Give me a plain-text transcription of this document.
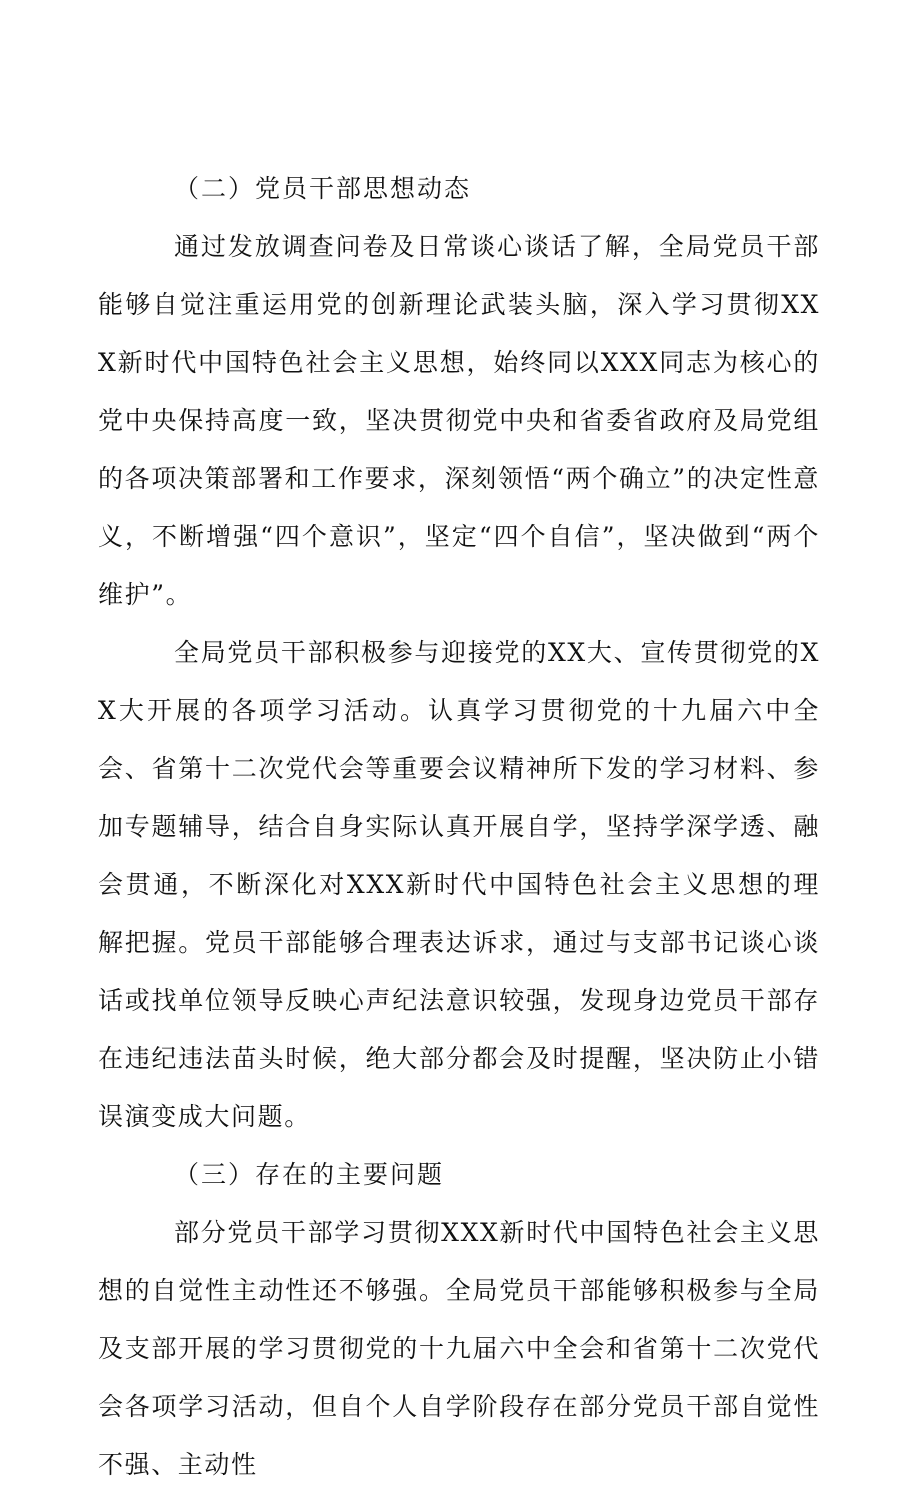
（二）党员干部思想动态

通过发放调查问卷及日常谈心谈话了解，全局党员干部能够自觉注重运用党的创新理论武装头脑，深入学习贯彻XXX新时代中国特色社会主义思想，始终同以XXX同志为核心的党中央保持高度一致，坚决贯彻党中央和省委省政府及局党组的各项决策部署和工作要求，深刻领悟“两个确立”的决定性意义，不断增强“四个意识”，坚定“四个自信”，坚决做到“两个维护”。

全局党员干部积极参与迎接党的XX大、宣传贯彻党的XX大开展的各项学习活动。认真学习贯彻党的十九届六中全会、省第十二次党代会等重要会议精神所下发的学习材料、参加专题辅导，结合自身实际认真开展自学，坚持学深学透、融会贯通，不断深化对XXX新时代中国特色社会主义思想的理解把握。党员干部能够合理表达诉求，通过与支部书记谈心谈话或找单位领导反映心声纪法意识较强，发现身边党员干部存在违纪违法苗头时候，绝大部分都会及时提醒，坚决防止小错误演变成大问题。

（三）存在的主要问题

部分党员干部学习贯彻XXX新时代中国特色社会主义思想的自觉性主动性还不够强。全局党员干部能够积极参与全局及支部开展的学习贯彻党的十九届六中全会和省第十二次党代会各项学习活动，但自个人自学阶段存在部分党员干部自觉性不强、主动性
